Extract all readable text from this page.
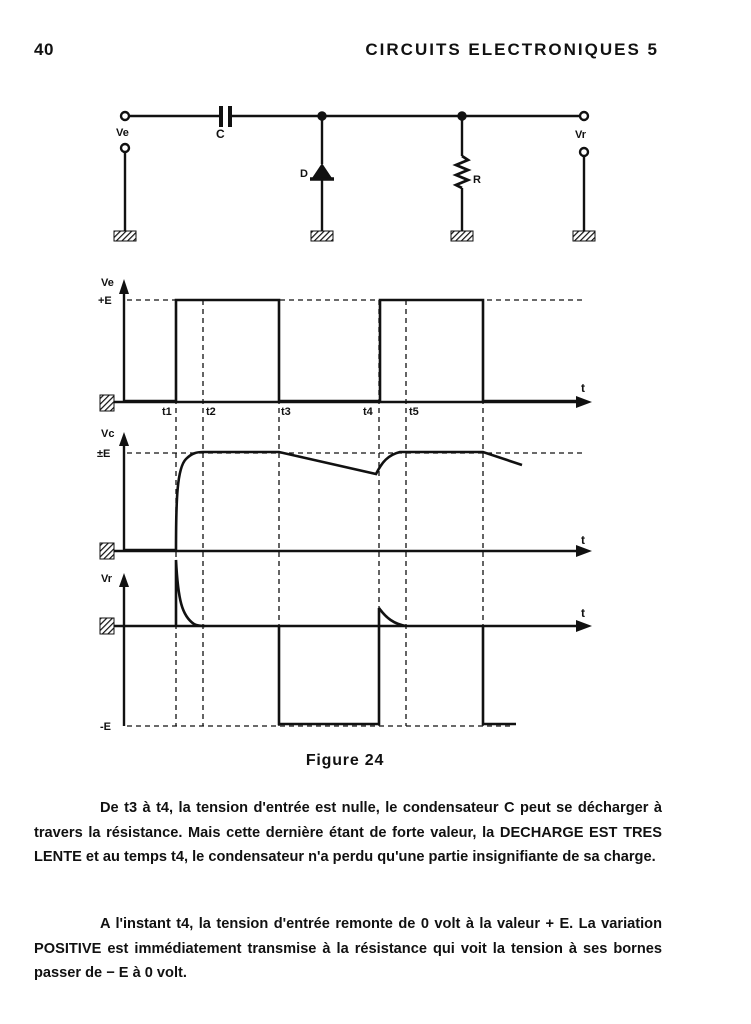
40	CIRCUITS ELECTRONIQUES 5
Ve	C
D	R
Vr
Ve
+E
Vc
±E
Vr
-E
t
t
t
t1	t2	t3	t4	t5
Figure 24

De t3 à t4, la tension d'entrée est nulle, le condensateur C peut se décharger à travers la résistance. Mais cette dernière étant de forte valeur, la DECHARGE EST TRES LENTE et au temps t4, le condensateur n'a perdu qu'une partie insignifiante de sa charge.

A l'instant t4, la tension d'entrée remonte de 0 volt à la valeur + E. La variation POSITIVE est immédiatement transmise à la résistance qui voit la tension à ses bornes passer de − E à 0 volt.
